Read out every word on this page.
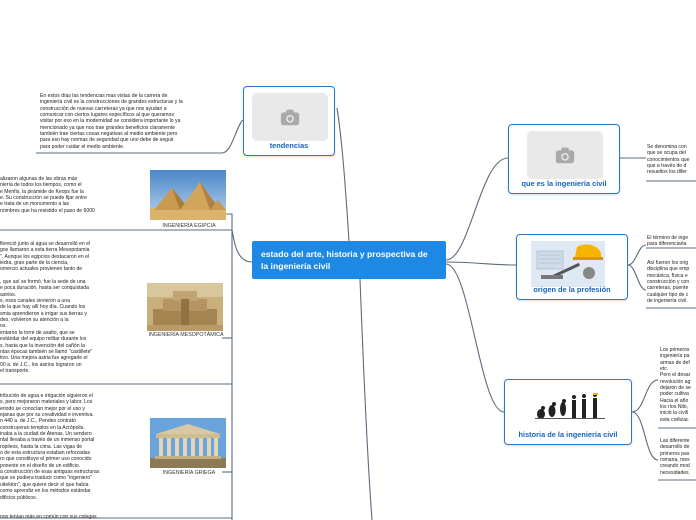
estado del arte, historia y prospectiva de la ingeniería civil
tendencias
En estos días las tendencias mas vistas de la carrera de
ingeniería civil es la construcciones de grandes estructuras y la
construcción de nuevas carreteras ya que nos ayudan a
comunicar con ciertos lugares específicos al que queramos
visitar por eso en la modernidad se considera importante lo ya
mencionado ya que nos trae grandes beneficios claramente
también trae ciertas cosas negativas al medio ambiente pero
para eso hay normas de seguridad que uno debe de seguir
para poder cuidar el medio ambiente.
que es la ingeniería civil
Se denomina con
que se ocupa del
conocimientos que
que a través de d
resueltos los difer
origen de la profesión
El término de inge
para diferenciarla
Así fueron los orig
disciplina que emp
mecánica, física e
construcción y con
carreteras, puente
cualquier tipo de c
de ingeniería civil.
historia de la ingeniería civil
Los primeros
ingeniería pa
armas de def
etc.
Pero el desar
revolución ag
dejaron de se
poder cultiva
Hacia el año
los ríos Nilo,
inició la civilí
esta civilizac
Las diferente
desarrollo de
primeros pas
romana, mes
creando mod
necesidades.
INGENIERÍA EGIPCIA
alizaron algunas de las obras más
niería de todos los tiempos, como el
e Menfis, la pirámide de Keops fue la
e. Su construcción se puede fijar entre
e trata de un monumento a las
nombres que ha resistido el paso de 6000
INGENIERÍA MESOPOTÁMICA
floreció junto al agua se desarrolló en el
gos llamaron a esta tierra Mesopotamia
". Aunque los egipcios destacaron en el
iedra, gran parte de la ciencia,
omercio actuales provienen tanto de

, que así se formó, fue la sede de una
e poca duración, hasta ser conquistada
asirios.
s, esos canales sirvieron a una
de la que hay allí hoy día. Cuando los
smia aprendieron a irrigar sus tierras y
des, volvieron su atención a la
os.
entaron la torre de asalto, que se
estándar del equipo militar durante los
s, hasta que la invención del cañón la
ntas épocas también se llamó "castillete"
tivo. Una mejora asiria fue agregarle el
00 a. de J.C., los asirios lograron un
el transporte.
INGENIERÍA GRIEGA
tribución de agua e irrigación siguieron el
s, pero mejoraron materiales y labor. Los
eriodo se conocían mejor por el uso y
ejanas que por su creatividad e inventiva.
n 440 a. de J.C., Pendes contrató
construyeran templos en la Acrópolis,
inaba a la ciudad de Atenas. Un sendero
ntal llevaba a través de un inmenso portal
ropileos, hasta la cima. Las vigas de
o de esta estructura estaban reforzadas
ro que constituye el primer uso conocido
ponente en el diseño de un edificio.
a construcción de esas antiguas estructuras
que se pudiera traducir como "ingeniero"
uitekton", que quiere decir el que había
como aprendiz en los métodos estándar
dificios públicos.
nos tenían más en común con sus colegas
